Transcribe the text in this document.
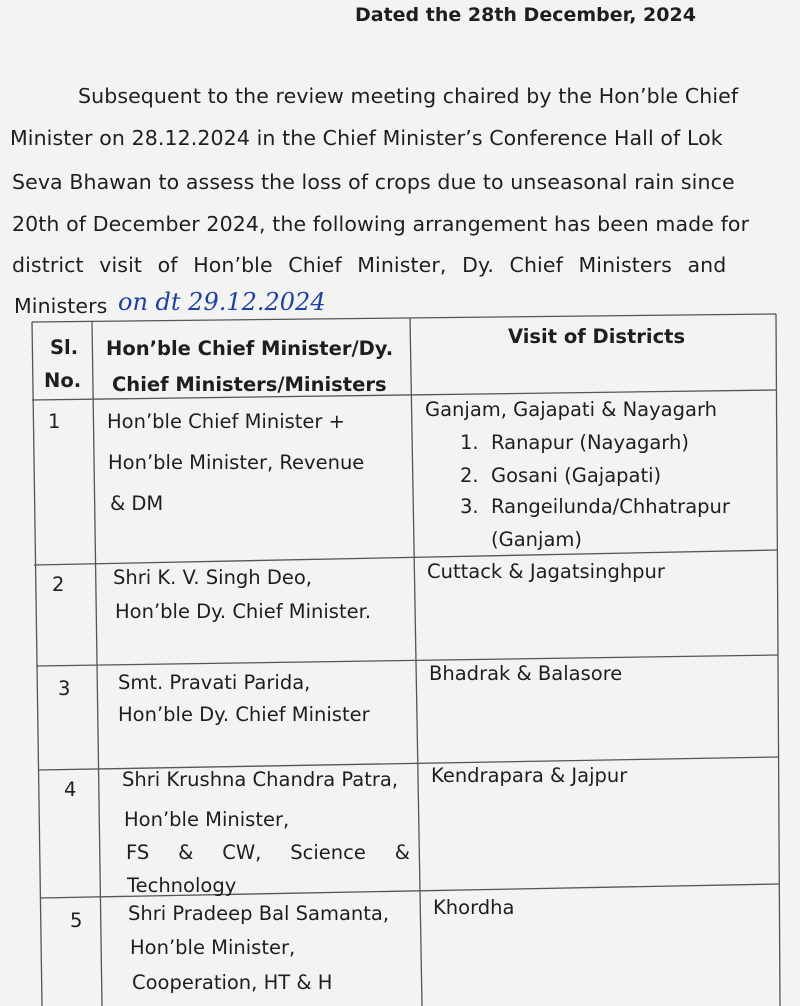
Dated the 28th December, 2024
Subsequent to the review meeting chaired by the Hon’ble Chief
Minister on 28.12.2024 in the Chief Minister’s Conference Hall of Lok
Seva Bhawan to assess the loss of crops due to unseasonal rain since
20th of December 2024, the following arrangement has been made for
district visit of Hon’ble Chief Minister, Dy. Chief Ministers and
Ministers on dt 29.12.2024
Sl.
No.
Hon’ble Chief Minister/Dy.
Chief Ministers/Ministers
Visit of Districts
1 Hon’ble Chief Minister +
Hon’ble Minister, Revenue
& DM
Ganjam, Gajapati & Nayagarh
1. Ranapur (Nayagarh)
2. Gosani (Gajapati)
3. Rangeilunda/Chhatrapur
(Ganjam)
2 Shri K. V. Singh Deo,
Hon’ble Dy. Chief Minister.
Cuttack & Jagatsinghpur
3 Smt. Pravati Parida,
Hon’ble Dy. Chief Minister
Bhadrak & Balasore
4 Shri Krushna Chandra Patra,
Hon’ble Minister,
FS & CW, Science &
Technology
Kendrapara & Jajpur
5 Shri Pradeep Bal Samanta,
Hon’ble Minister,
Cooperation, HT & H
Khordha
